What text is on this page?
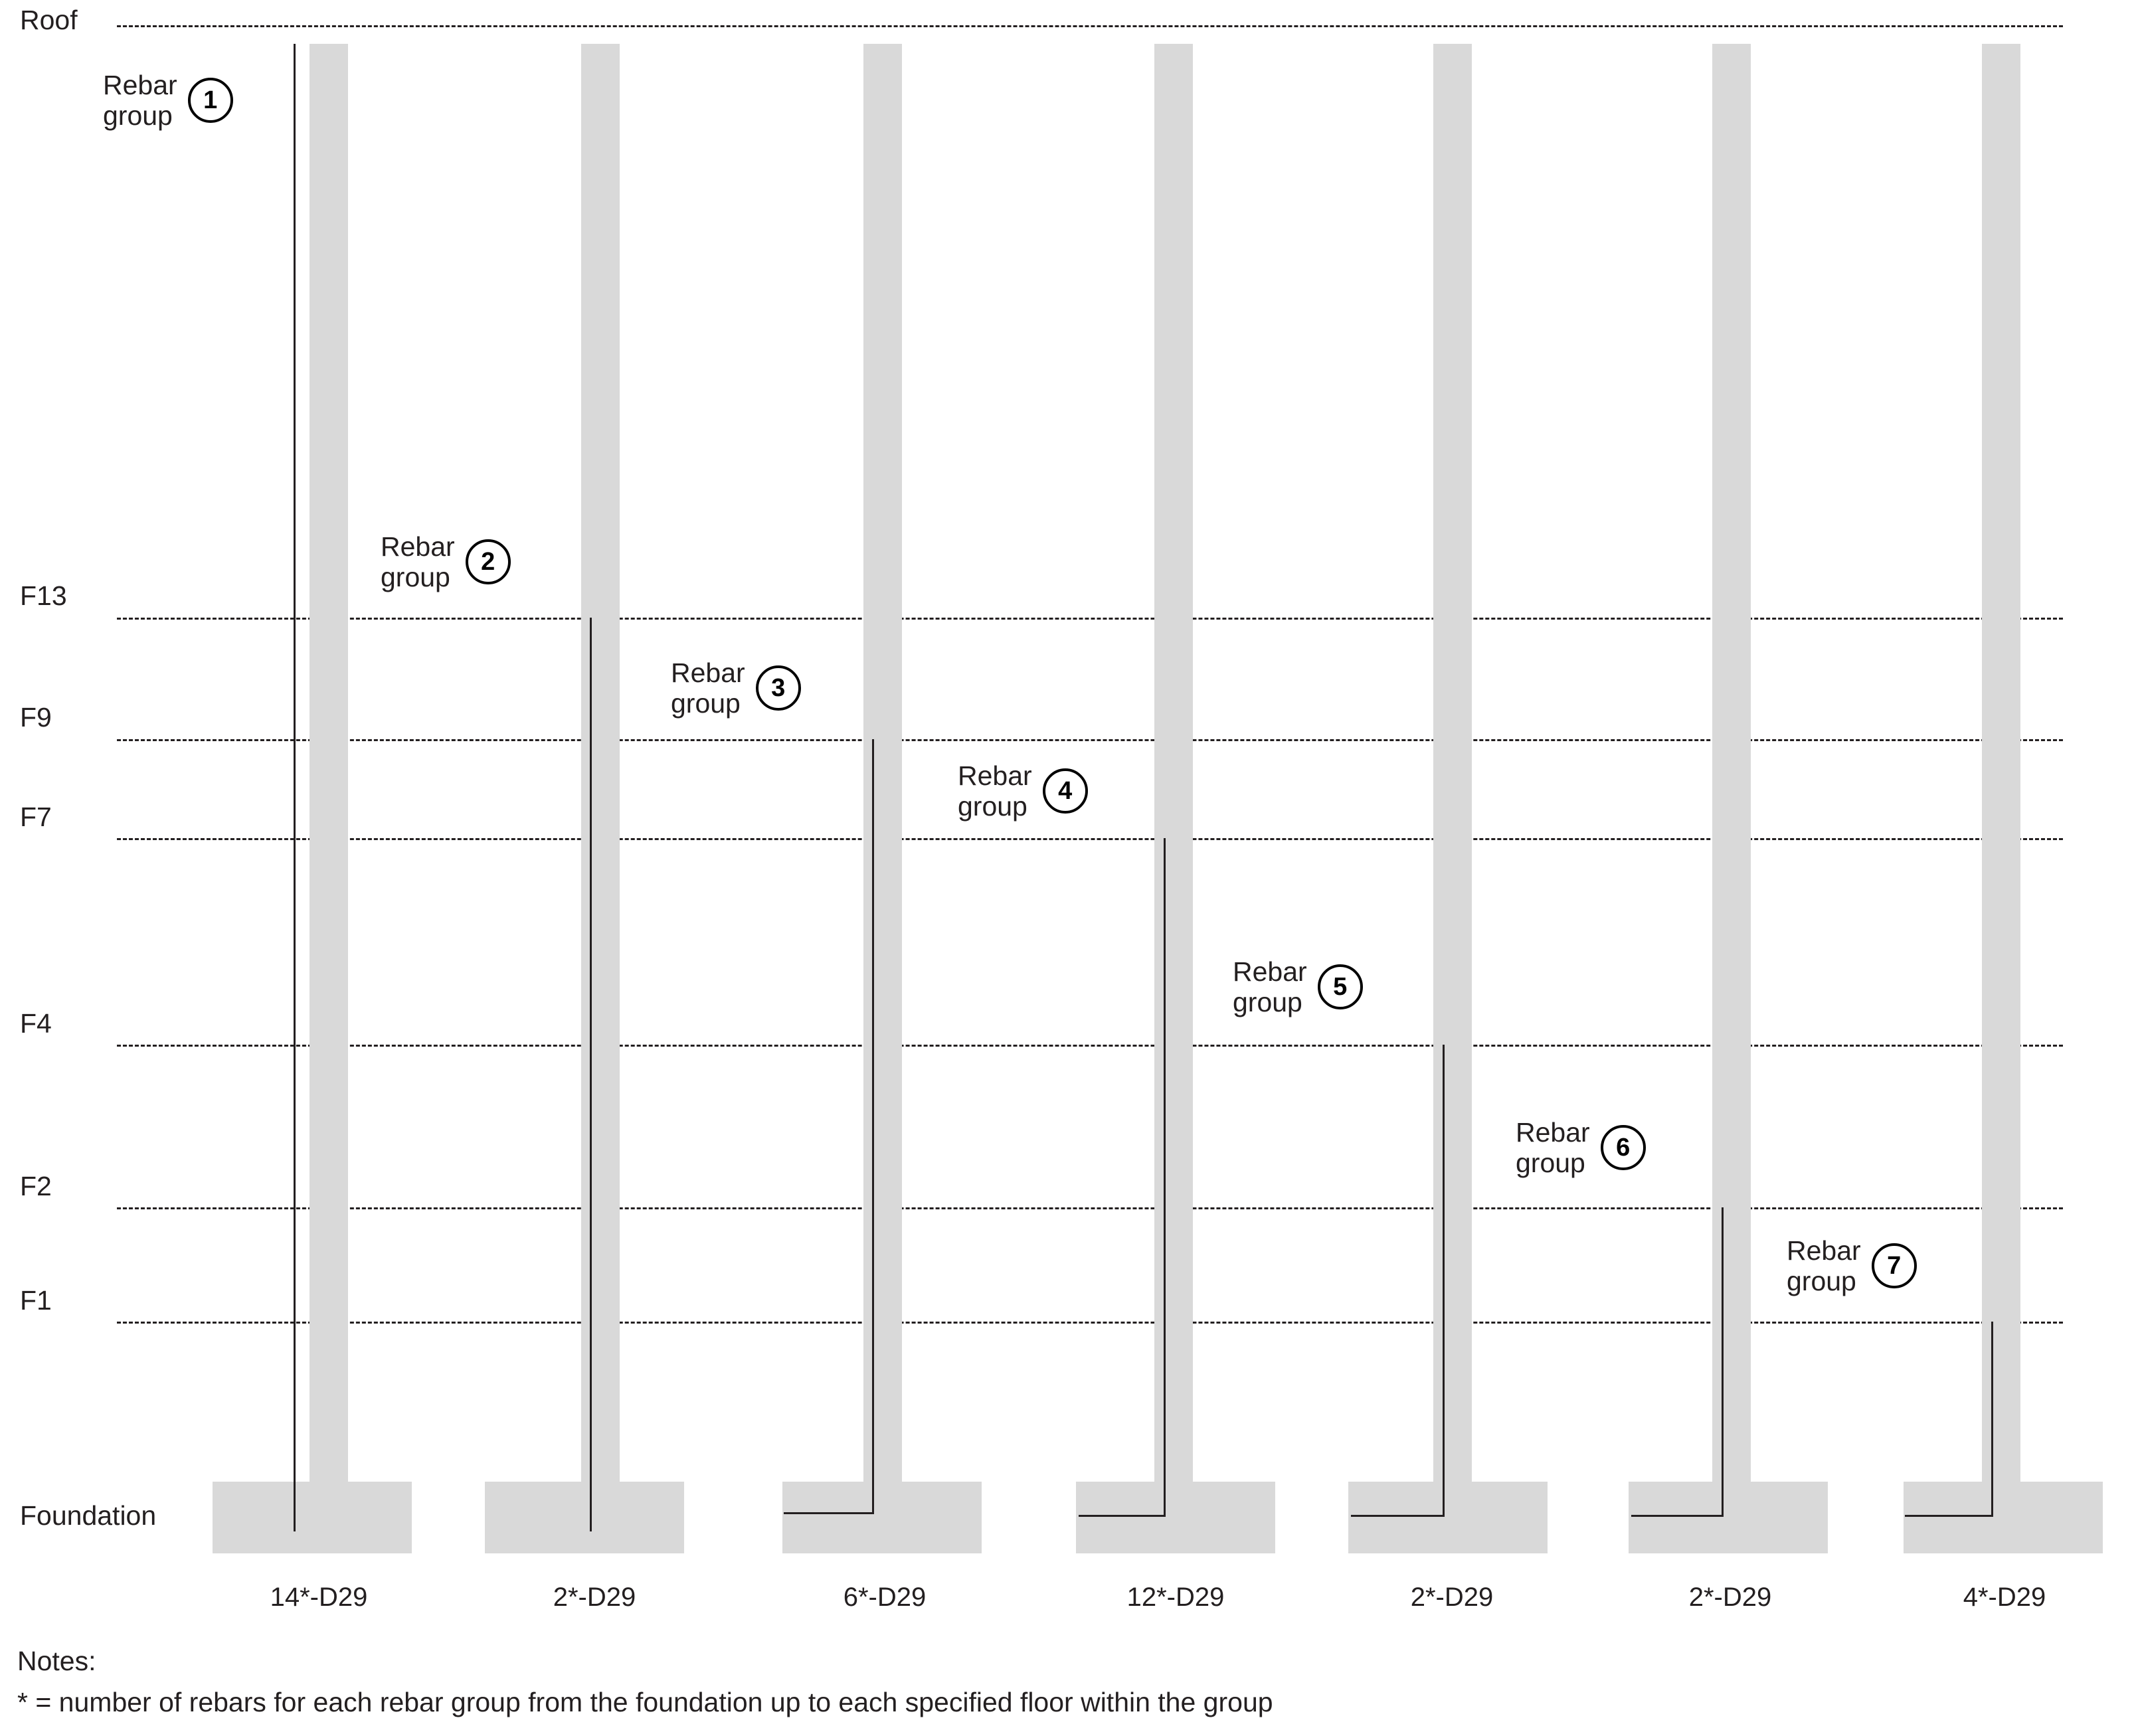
Roof
F13
F9
F7
F4
F2
F1
Foundation
Rebar
group
1
Rebar
group
2
Rebar
group
3
Rebar
group
4
Rebar
group
5
Rebar
group
6
Rebar
group
7
14*-D29	2*-D29	6*-D29	12*-D29	2*-D29	2*-D29	4*-D29
Notes:
* = number of rebars for each rebar group from the foundation up to each specified floor within the group
